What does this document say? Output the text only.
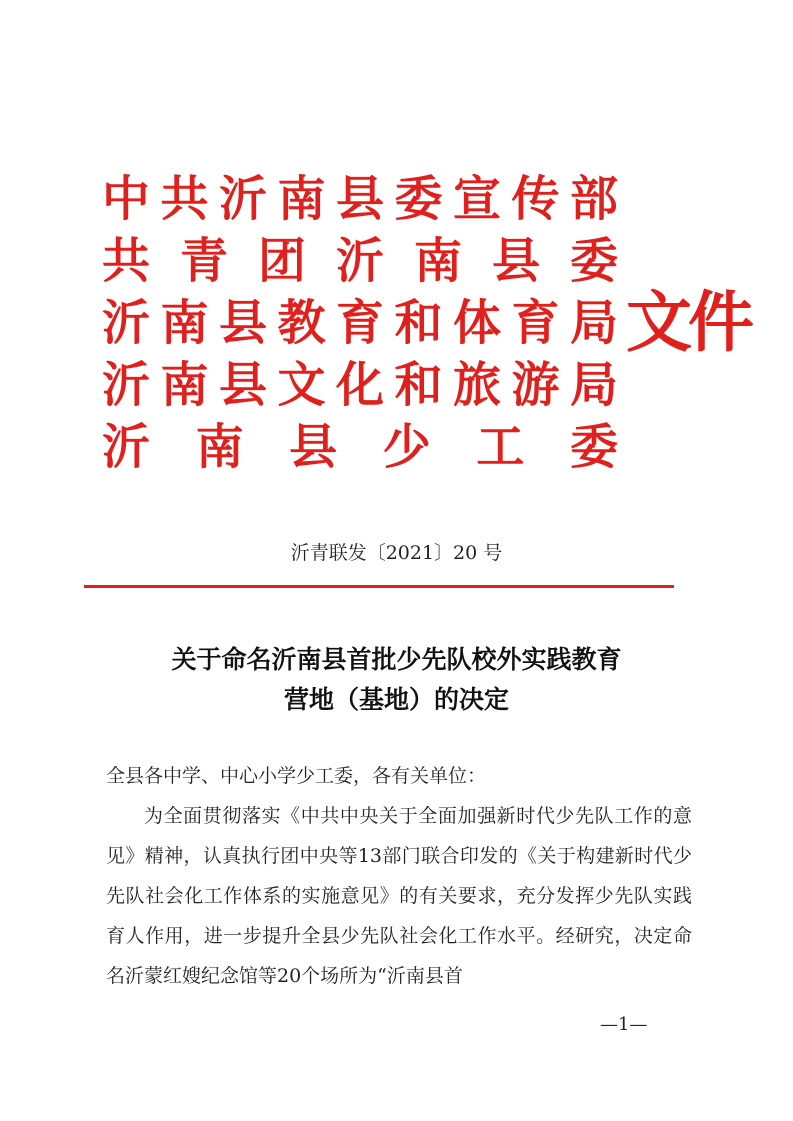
中 共 沂 南 县 委 宣 传 部
共 青 团 沂 南 县 委
沂 南 县 教 育 和 体 育 局
沂 南 县 文 化 和 旅 游 局
沂 南 县 少 工 委
文件
沂青联发〔2021〕20 号
关于命名沂南县首批少先队校外实践教育
营地（基地）的决定

全县各中学、中心小学少工委，各有关单位：

为全面贯彻落实《中共中央关于全面加强新时代少先队工作的意见》精神，认真执行团中央等13部门联合印发的《关于构建新时代少先队社会化工作体系的实施意见》的有关要求，充分发挥少先队实践育人作用，进一步提升全县少先队社会化工作水平。经研究，决定命名沂蒙红嫂纪念馆等20个场所为“沂南县首

—1—
